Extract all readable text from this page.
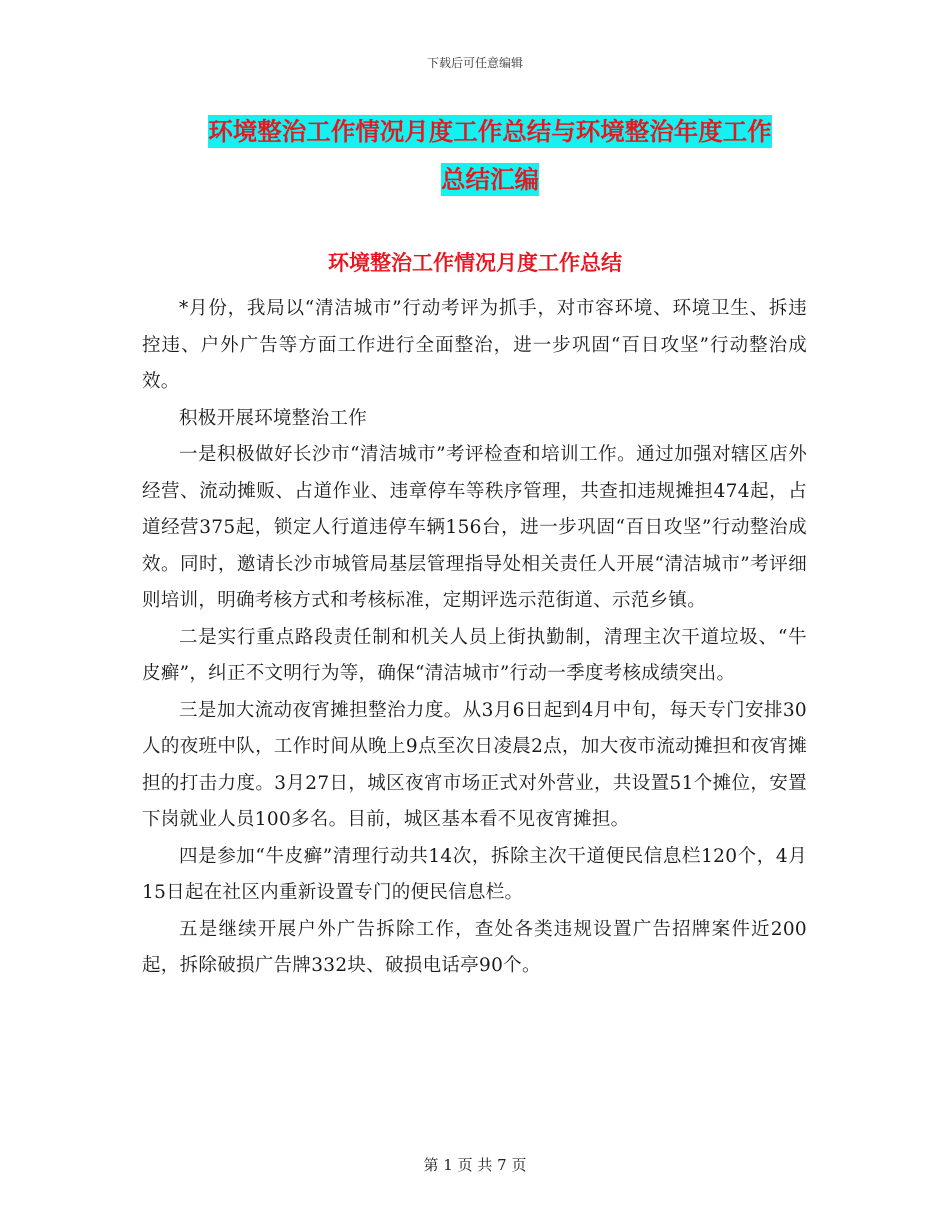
下载后可任意编辑
环境整治工作情况月度工作总结与环境整治年度工作
总结汇编
环境整治工作情况月度工作总结

*月份，我局以“清洁城市”行动考评为抓手，对市容环境、环境卫生、拆违控违、户外广告等方面工作进行全面整治，进一步巩固“百日攻坚”行动整治成效。

积极开展环境整治工作

一是积极做好长沙市“清洁城市”考评检查和培训工作。通过加强对辖区店外经营、流动摊贩、占道作业、违章停车等秩序管理，共查扣违规摊担474起，占道经营375起，锁定人行道违停车辆156台，进一步巩固“百日攻坚”行动整治成效。同时，邀请长沙市城管局基层管理指导处相关责任人开展“清洁城市”考评细则培训，明确考核方式和考核标准，定期评选示范街道、示范乡镇。

二是实行重点路段责任制和机关人员上街执勤制，清理主次干道垃圾、“牛皮癣”，纠正不文明行为等，确保“清洁城市”行动一季度考核成绩突出。

三是加大流动夜宵摊担整治力度。从3月6日起到4月中旬，每天专门安排30人的夜班中队，工作时间从晚上9点至次日凌晨2点，加大夜市流动摊担和夜宵摊担的打击力度。3月27日，城区夜宵市场正式对外营业，共设置51个摊位，安置下岗就业人员100多名。目前，城区基本看不见夜宵摊担。

四是参加“牛皮癣”清理行动共14次，拆除主次干道便民信息栏120个，4月15日起在社区内重新设置专门的便民信息栏。

五是继续开展户外广告拆除工作，查处各类违规设置广告招牌案件近200起，拆除破损广告牌332块、破损电话亭90个。

第 1 页 共 7 页
